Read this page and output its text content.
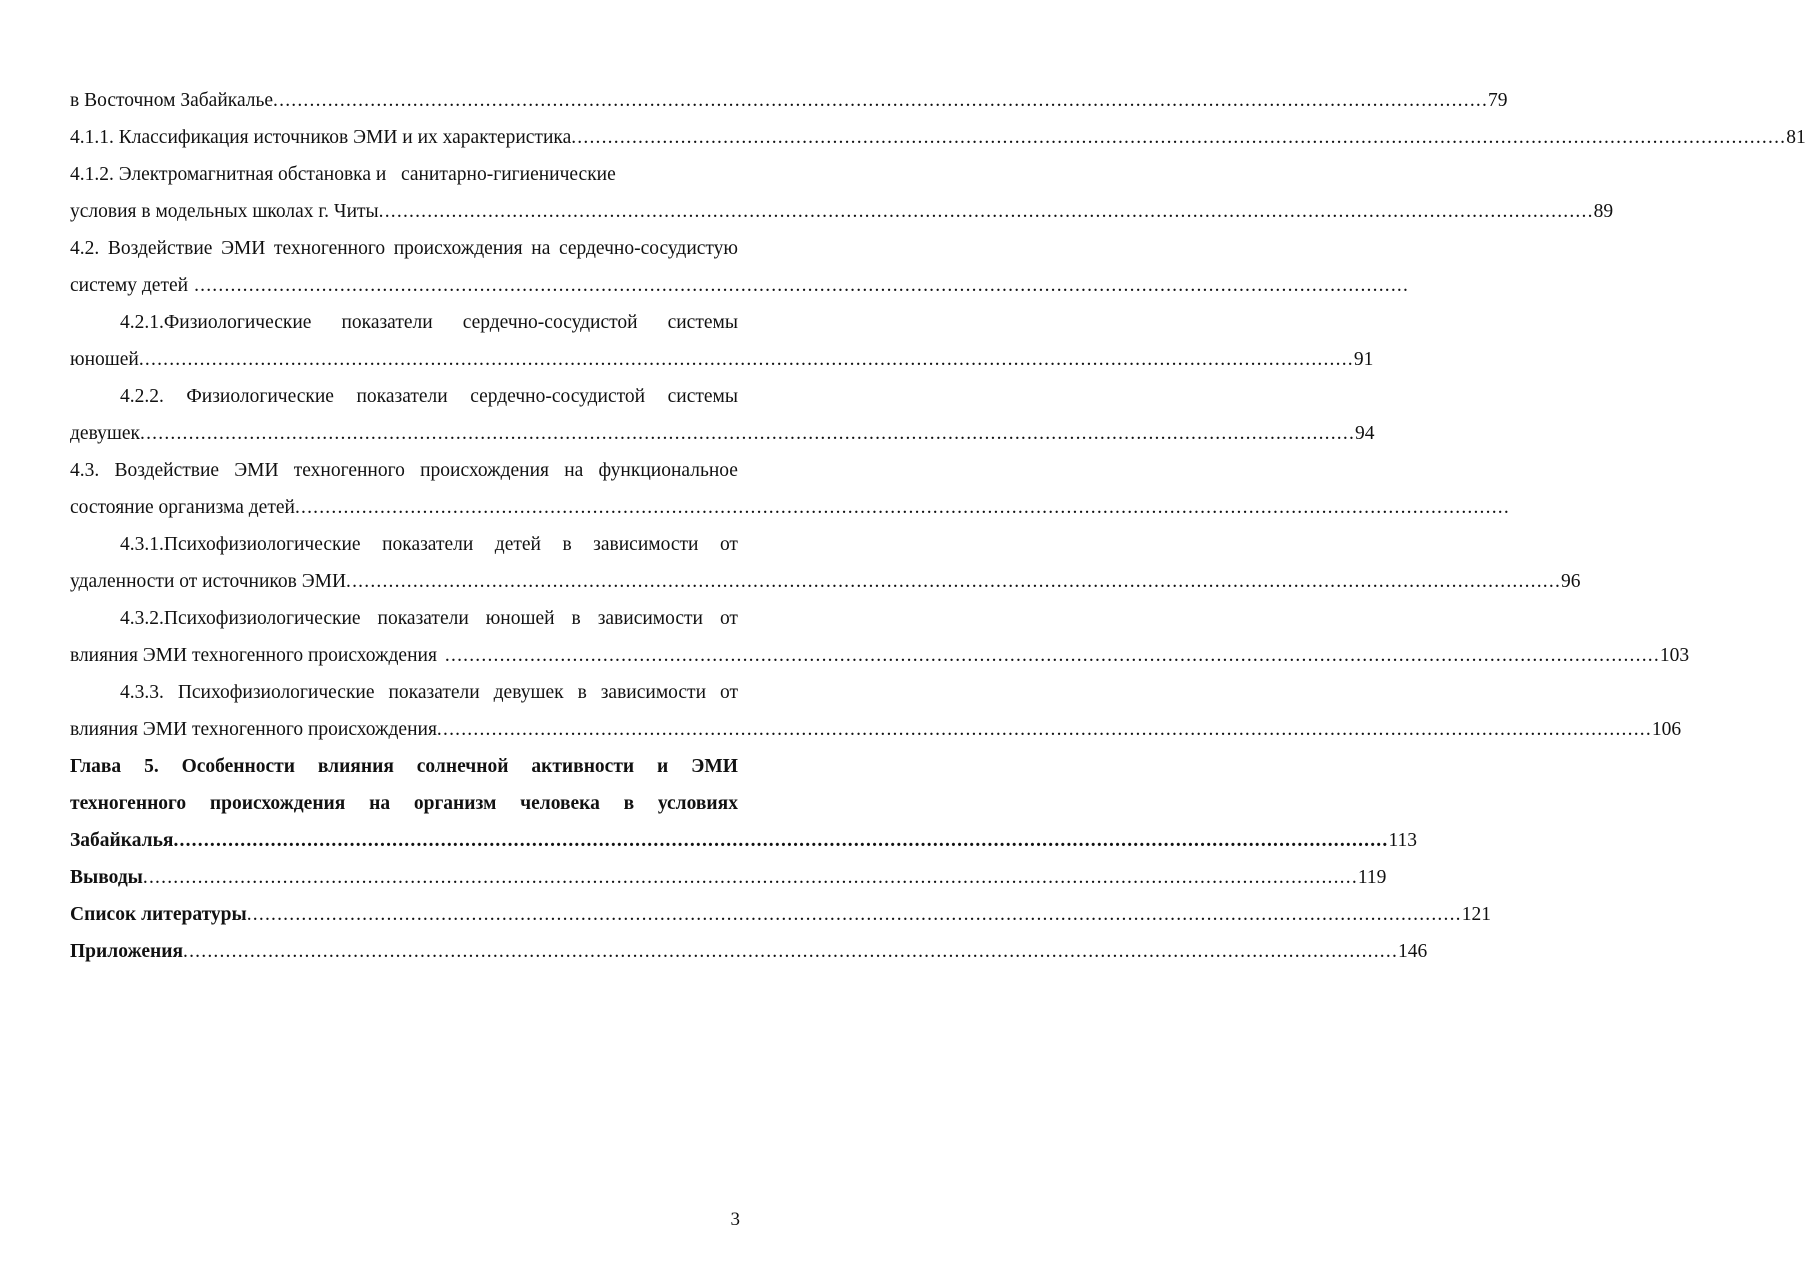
в Восточном Забайкалье ........................................................................................................................................................................................................ 79
4.1.1. Классификация источников ЭМИ и их характеристика ........................................................................................................................................................................................................ 81
4.1.2. Электромагнитная обстановка и   санитарно-гигиенические
условия в модельных школах г. Читы ........................................................................................................................................................................................................ 89
4.2. Воздействие ЭМИ техногенного происхождения на сердечно-сосудистую
систему детей ........................................................................................................................................................................................................
4.2.1.Физиологические показатели сердечно-сосудистой системы
юношей ........................................................................................................................................................................................................ 91
4.2.2. Физиологические показатели сердечно-сосудистой системы
девушек ........................................................................................................................................................................................................ 94
4.3. Воздействие ЭМИ техногенного происхождения на функциональное
состояние организма детей ........................................................................................................................................................................................................
4.3.1.Психофизиологические показатели детей в зависимости от
удаленности от источников ЭМИ ........................................................................................................................................................................................................ 96
4.3.2.Психофизиологические показатели юношей в зависимости от
влияния ЭМИ техногенного происхождения ........................................................................................................................................................................................................ 103
4.3.3. Психофизиологические показатели девушек в зависимости от
влияния ЭМИ техногенного происхождения ........................................................................................................................................................................................................ 106
Глава 5. Особенности влияния солнечной активности и ЭМИ
техногенного происхождения на организм человека в условиях
Забайкалья ........................................................................................................................................................................................................ 113
Выводы ........................................................................................................................................................................................................ 119
Список литературы ........................................................................................................................................................................................................ 121
Приложения ........................................................................................................................................................................................................ 146
3
